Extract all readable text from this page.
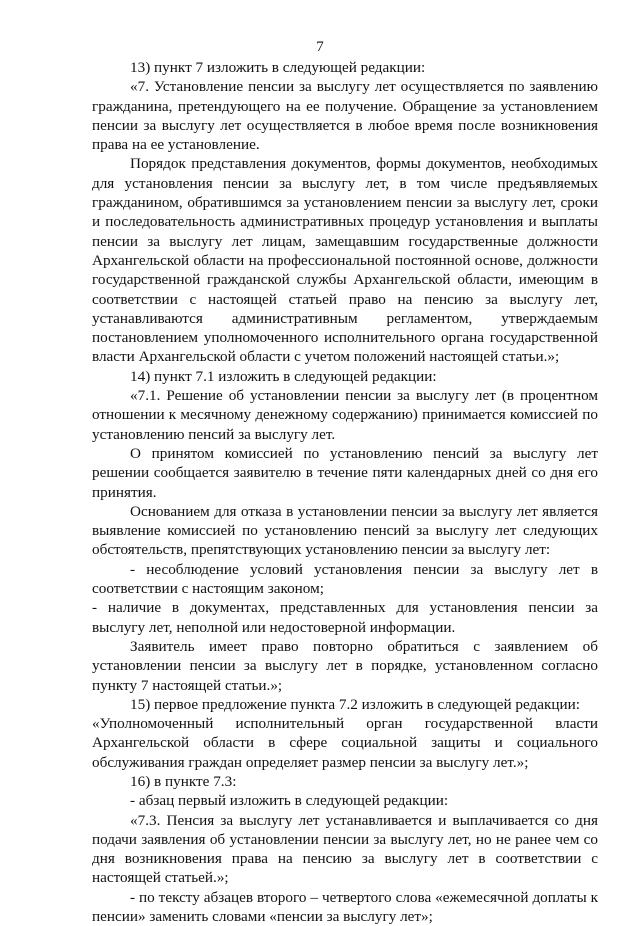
7

13) пункт 7 изложить в следующей редакции:

«7. Установление пенсии за выслугу лет осуществляется по заявлению гражданина, претендующего на ее получение. Обращение за установлением пенсии за выслугу лет осуществляется в любое время после возникновения права на ее установление.

Порядок представления документов, формы документов, необходимых для установления пенсии за выслугу лет, в том числе предъявляемых гражданином, обратившимся за установлением пенсии за выслугу лет, сроки и последовательность административных процедур установления и выплаты пенсии за выслугу лет лицам, замещавшим государственные должности Архангельской области на профессиональной постоянной основе, должности государственной гражданской службы Архангельской области, имеющим в соответствии с настоящей статьей право на пенсию за выслугу лет, устанавливаются административным регламентом, утверждаемым постановлением уполномоченного исполнительного органа государственной власти Архангельской области с учетом положений настоящей статьи.»;

14) пункт 7.1 изложить в следующей редакции:

«7.1. Решение об установлении пенсии за выслугу лет (в процентном отношении к месячному денежному содержанию) принимается комиссией по установлению пенсий за выслугу лет.

О принятом комиссией по установлению пенсий за выслугу лет решении сообщается заявителю в течение пяти календарных дней со дня его принятия.

Основанием для отказа в установлении пенсии за выслугу лет является выявление комиссией по установлению пенсий за выслугу лет следующих обстоятельств, препятствующих установлению пенсии за выслугу лет:

- несоблюдение условий установления пенсии за выслугу лет в соответствии с настоящим законом;

- наличие в документах, представленных для установления пенсии за выслугу лет, неполной или недостоверной информации.

Заявитель имеет право повторно обратиться с заявлением об установлении пенсии за выслугу лет в порядке, установленном согласно пункту 7 настоящей статьи.»;

15) первое предложение пункта 7.2 изложить в следующей редакции:

«Уполномоченный исполнительный орган государственной власти Архангельской области в сфере социальной защиты и социального обслуживания граждан определяет размер пенсии за выслугу лет.»;

16) в пункте 7.3:

- абзац первый изложить в следующей редакции:

«7.3. Пенсия за выслугу лет устанавливается и выплачивается со дня подачи заявления об установлении пенсии за выслугу лет, но не ранее чем со дня возникновения права на пенсию за выслугу лет в соответствии с настоящей статьей.»;

- по тексту абзацев второго – четвертого слова «ежемесячной доплаты к пенсии» заменить словами «пенсии за выслугу лет»;
